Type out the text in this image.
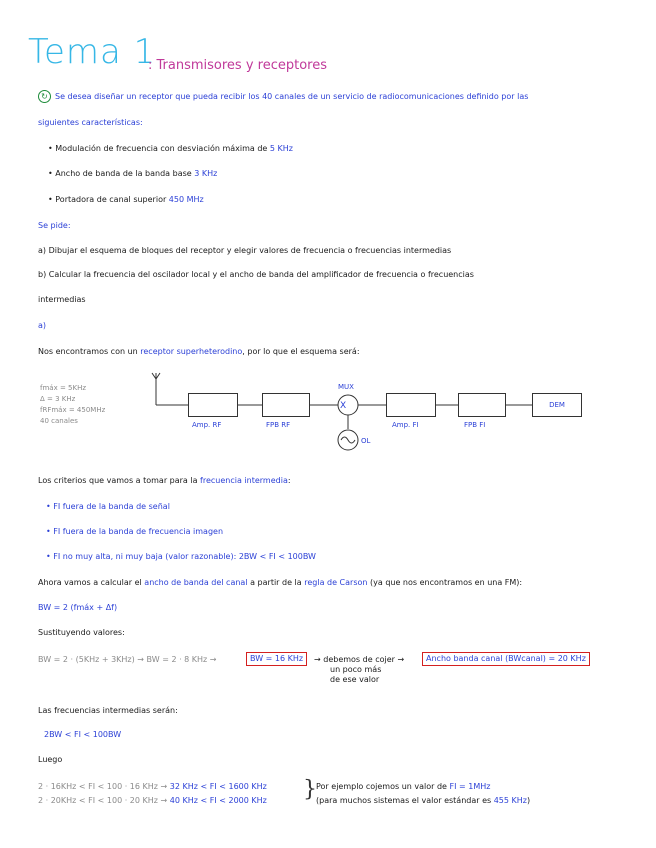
Tema 1
: Transmisores y receptores
↻ Se desea diseñar un receptor que pueda recibir los 40 canales de un servicio de radiocomunicaciones definido por las
siguientes características:
• Modulación de frecuencia con desviación máxima de 5 KHz
• Ancho de banda de la banda base 3 KHz
• Portadora de canal superior 450 MHz
Se pide:
a) Dibujar el esquema de bloques del receptor y elegir valores de frecuencia o frecuencias intermedias
b) Calcular la frecuencia del oscilador local y el ancho de banda del amplificador de frecuencia o frecuencias
intermedias
a)
Nos encontramos con un receptor superheterodino, por lo que el esquema será:
fmáx = 5KHz
Δ = 3 KHz
fRFmáx = 450MHz
40 canales
DEM
X
MUX
OL
Amp. RF	FPB RF	Amp. FI	FPB FI
Los criterios que vamos a tomar para la frecuencia intermedia:
• FI fuera de la banda de señal
• FI fuera de la banda de frecuencia imagen
• FI no muy alta, ni muy baja (valor razonable): 2BW < FI < 100BW
Ahora vamos a calcular el ancho de banda del canal a partir de la regla de Carson (ya que nos encontramos en una FM):
BW = 2 (fmáx + Δf)
Sustituyendo valores:
BW = 2 · (5KHz + 3KHz) → BW = 2 · 8 KHz →	BW = 16 KHz	→ debemos de cojer →
un poco más
de ese valor
Ancho banda canal (BWcanal) = 20 KHz
Las frecuencias intermedias serán:
2BW < FI < 100BW
Luego
2 · 16KHz < FI < 100 · 16 KHz → 32 KHz < FI < 1600 KHz
2 · 20KHz < FI < 100 · 20 KHz → 40 KHz < FI < 2000 KHz } Por ejemplo cojemos un valor de FI = 1MHz
(para muchos sistemas el valor estándar es 455 KHz)
